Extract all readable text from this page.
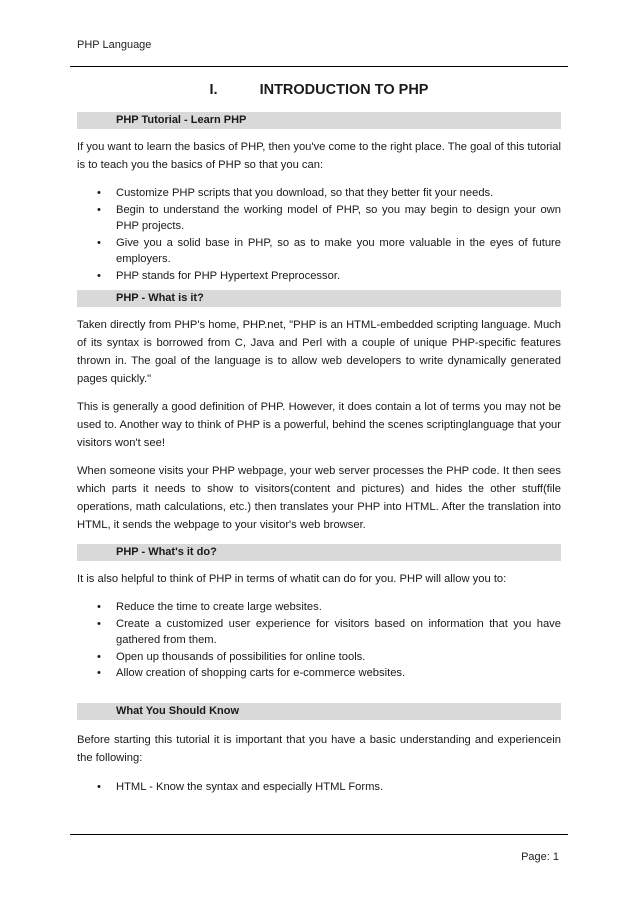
PHP Language
I.	INTRODUCTION TO PHP
PHP Tutorial - Learn PHP

If you want to learn the basics of PHP, then you've come to the right place. The goal of this tutorial is to teach you the basics of PHP so that you can:

• Customize PHP scripts that you download, so that they better fit your needs.
• Begin to understand the working model of PHP, so you may begin to design your own PHP projects.
• Give you a solid base in PHP, so as to make you more valuable in the eyes of future employers.
• PHP stands for PHP Hypertext Preprocessor.
PHP - What is it?

Taken directly from PHP's home, PHP.net, "PHP is an HTML-embedded scripting language. Much of its syntax is borrowed from C, Java and Perl with a couple of unique PHP-specific features thrown in. The goal of the language is to allow web developers to write dynamically generated pages quickly."

This is generally a good definition of PHP. However, it does contain a lot of terms you may not be used to. Another way to think of PHP is a powerful, behind the scenes scriptinglanguage that your visitors won't see!

When someone visits your PHP webpage, your web server processes the PHP code. It then sees which parts it needs to show to visitors(content and pictures) and hides the other stuff(file operations, math calculations, etc.) then translates your PHP into HTML. After the translation into HTML, it sends the webpage to your visitor's web browser.

PHP - What's it do?

It is also helpful to think of PHP in terms of whatit can do for you. PHP will allow you to:

• Reduce the time to create large websites.
• Create a customized user experience for visitors based on information that you have gathered from them.
• Open up thousands of possibilities for online tools.
• Allow creation of shopping carts for e-commerce websites.
What You Should Know

Before starting this tutorial it is important that you have a basic understanding and experiencein the following:

• HTML - Know the syntax and especially HTML Forms.
Page: 1
